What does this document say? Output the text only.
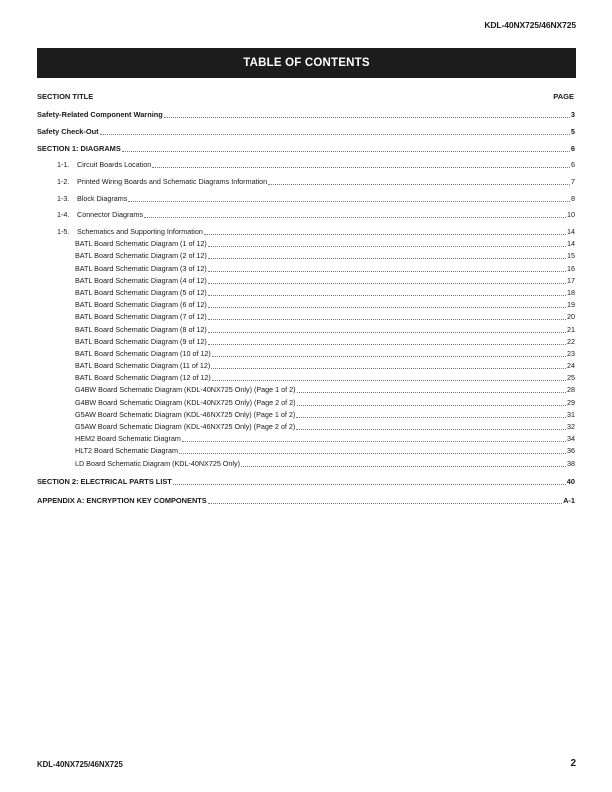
KDL-40NX725/46NX725
TABLE OF CONTENTS
SECTION TITLE	PAGE
Safety-Related Component Warning	3
Safety Check-Out	5
SECTION 1: DIAGRAMS	6
1-1. Circuit Boards Location	6
1-2. Printed Wiring Boards and Schematic Diagrams Information	7
1-3. Block Diagrams	8
1-4. Connector Diagrams	10
1-5. Schematics and Supporting Information	14
BATL Board Schematic Diagram (1 of 12)	14
BATL Board Schematic Diagram (2 of 12)	15
BATL Board Schematic Diagram (3 of 12)	16
BATL Board Schematic Diagram (4 of 12)	17
BATL Board Schematic Diagram (5 of 12)	18
BATL Board Schematic Diagram (6 of 12)	19
BATL Board Schematic Diagram (7 of 12)	20
BATL Board Schematic Diagram (8 of 12)	21
BATL Board Schematic Diagram (9 of 12)	22
BATL Board Schematic Diagram (10 of 12)	23
BATL Board Schematic Diagram (11 of 12)	24
BATL Board Schematic Diagram (12 of 12)	25
G4BW Board Schematic Diagram (KDL-40NX725 Only) (Page 1 of 2)	28
G4BW Board Schematic Diagram (KDL-40NX725 Only) (Page 2 of 2)	29
G5AW Board Schematic Diagram (KDL-46NX725 Only) (Page 1 of 2)	31
G5AW Board Schematic Diagram (KDL-46NX725 Only) (Page 2 of 2)	32
HEM2 Board Schematic Diagram	34
HLT2 Board Schematic Diagram	36
LD Board Schematic Diagram (KDL-40NX725 Only)	38
SECTION 2: ELECTRICAL PARTS LIST	40
APPENDIX A: ENCRYPTION KEY COMPONENTS	A-1
KDL-40NX725/46NX725	2
